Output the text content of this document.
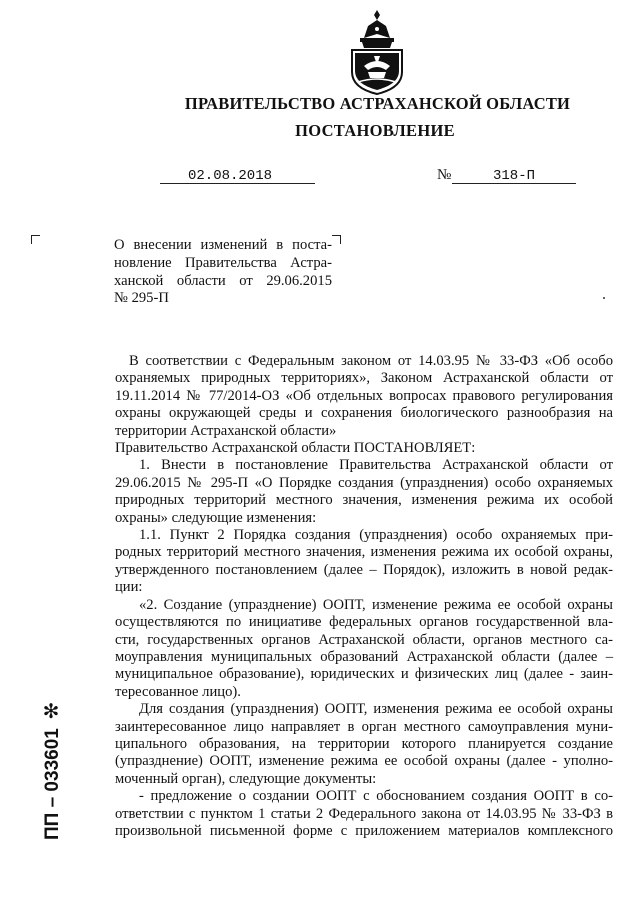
ПРАВИТЕЛЬСТВО АСТРАХАНСКОЙ ОБЛАСТИ
ПОСТАНОВЛЕНИЕ
02.08.2018	№	318-П

О внесении изменений в поста-

новление Правительства Астра-

ханской области от 29.06.2015

№ 295-П

В соответствии с Федеральным законом от 14.03.95 № 33-ФЗ «Об особо

охраняемых природных территориях», Законом Астраханской области от

19.11.2014 № 77/2014-ОЗ «Об отдельных вопросах правового регулирования

охраны окружающей среды и сохранения биологического разнообразия на

территории Астраханской области»

Правительство Астраханской области ПОСТАНОВЛЯЕТ:

1. Внести в постановление Правительства Астраханской области от

29.06.2015 № 295-П «О Порядке создания (упразднения) особо охраняемых

природных территорий местного значения, изменения режима их особой

охраны» следующие изменения:

1.1. Пункт 2 Порядка создания (упразднения) особо охраняемых при-

родных территорий местного значения, изменения режима их особой охраны,

утвержденного постановлением (далее – Порядок), изложить в новой редак-

ции:

«2. Создание (упразднение) ООПТ, изменение режима ее особой охраны

осуществляются по инициативе федеральных органов государственной вла-

сти, государственных органов Астраханской области, органов местного са-

моуправления муниципальных образований Астраханской области (далее –

муниципальное образование), юридических и физических лиц (далее - заин-

тересованное лицо).

Для создания (упразднения) ООПТ, изменения режима ее особой охраны

заинтересованное лицо направляет в орган местного самоуправления муни-

ципального образования, на территории которого планируется создание

(упразднение) ООПТ, изменение режима ее особой охраны (далее - уполно-

моченный орган), следующие документы:

- предложение о создании ООПТ с обоснованием создания ООПТ в со-

ответствии с пунктом 1 статьи 2 Федерального закона от 14.03.95 № 33-ФЗ в

произвольной письменной форме с приложением материалов комплексного

✻
ПП – 033601
